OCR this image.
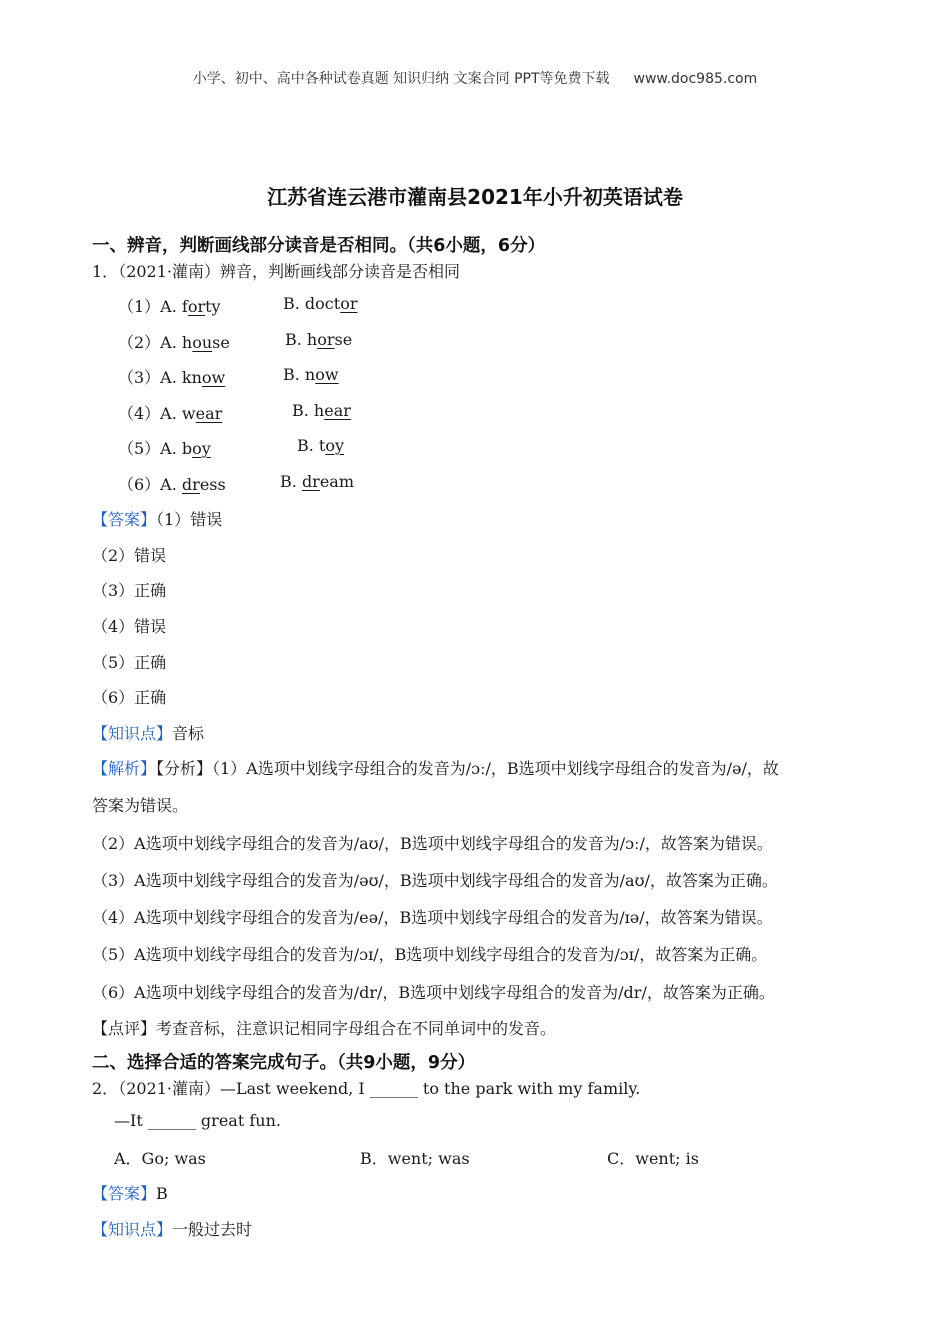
小学、初中、高中各种试卷真题 知识归纳 文案合同 PPT等免费下载 www.doc985.com
江苏省连云港市灌南县2021年小升初英语试卷
一、辨音，判断画线部分读音是否相同。（共6小题，6分）
1．（2021·灌南）辨音，判断画线部分读音是否相同
（1）A. forty	B. doctor
（2）A. house	B. horse
（3）A. know	B. now
（4）A. wear	B. hear
（5）A. boy	B. toy
（6）A. dress	B. dream
【答案】（1）错误
（2）错误
（3）正确
（4）错误
（5）正确
（6）正确
【知识点】音标
【解析】【分析】（1）A选项中划线字母组合的发音为/ɔː/，B选项中划线字母组合的发音为/ə/，故
答案为错误。
（2）A选项中划线字母组合的发音为/aʊ/，B选项中划线字母组合的发音为/ɔː/，故答案为错误。
（3）A选项中划线字母组合的发音为/əʊ/，B选项中划线字母组合的发音为/aʊ/，故答案为正确。
（4）A选项中划线字母组合的发音为/eə/，B选项中划线字母组合的发音为/ɪə/，故答案为错误。
（5）A选项中划线字母组合的发音为/ɔɪ/，B选项中划线字母组合的发音为/ɔɪ/，故答案为正确。
（6）A选项中划线字母组合的发音为/dr/，B选项中划线字母组合的发音为/dr/，故答案为正确。
【点评】考查音标，注意识记相同字母组合在不同单词中的发音。
二、选择合适的答案完成句子。（共9小题，9分）
2．（2021·灌南）—Last weekend, I ______ to the park with my family.
—It ______ great fun.
A．Go; was	B．went; was	C．went; is
【答案】B
【知识点】一般过去时
